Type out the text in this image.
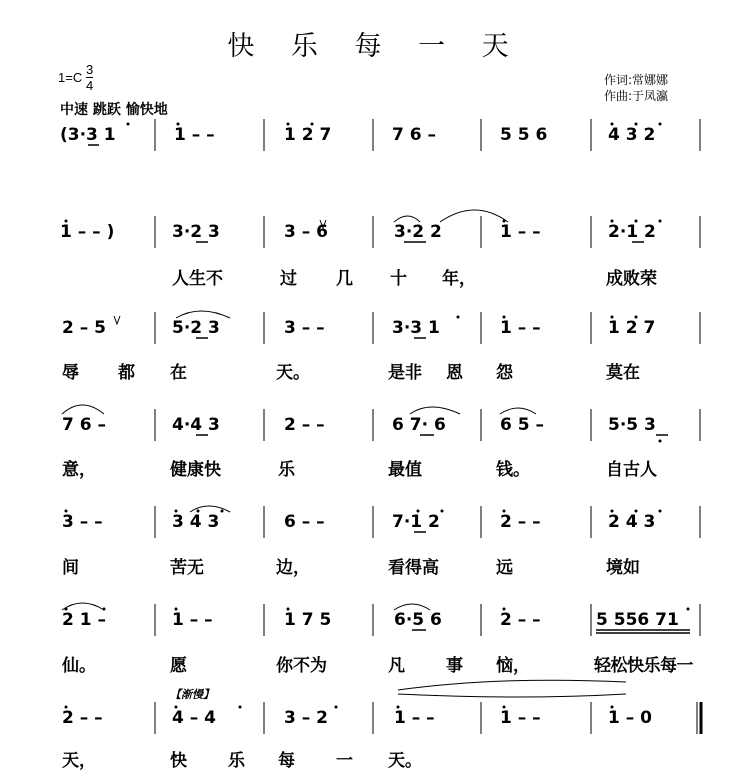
快 乐 每 一 天
1=C
3
4	作词:常娜娜
作曲:于凤瀛
中速 跳跃 愉快地
(3·3 1	1 – –	1 2 7	7 6 –	5 5 6	4 3 2
1 – – )	3·2 3	3 – 6	3·2 2	1 – –	2·1 2
人生不	过 几 十 年，	成败荣
2 – 5	5·2 3	3 – –	3·3 1	1 – –	1 2 7
辱 都 在	天。	是非 恩 怨	莫在
7 6 –	4·4 3	2 – –	6 7· 6	6 5 –	5·5 3
意，	健康快	乐	最值	钱。	自古人
3 – –	3 4 3	6 – –	7·1 2	2 – –	2 4 3
间	苦无	边，	看得高	远	境如
2 1 –	1 – –	1 7 5	6·5 6	2 – –	5 556 71
仙。	愿	你不为	凡 事 恼，	轻松快乐每一
【渐慢】
2 – –	4 – 4	3 – 2	1 – –	1 – –	1 – 0
天，	快 乐 每 一 天。
